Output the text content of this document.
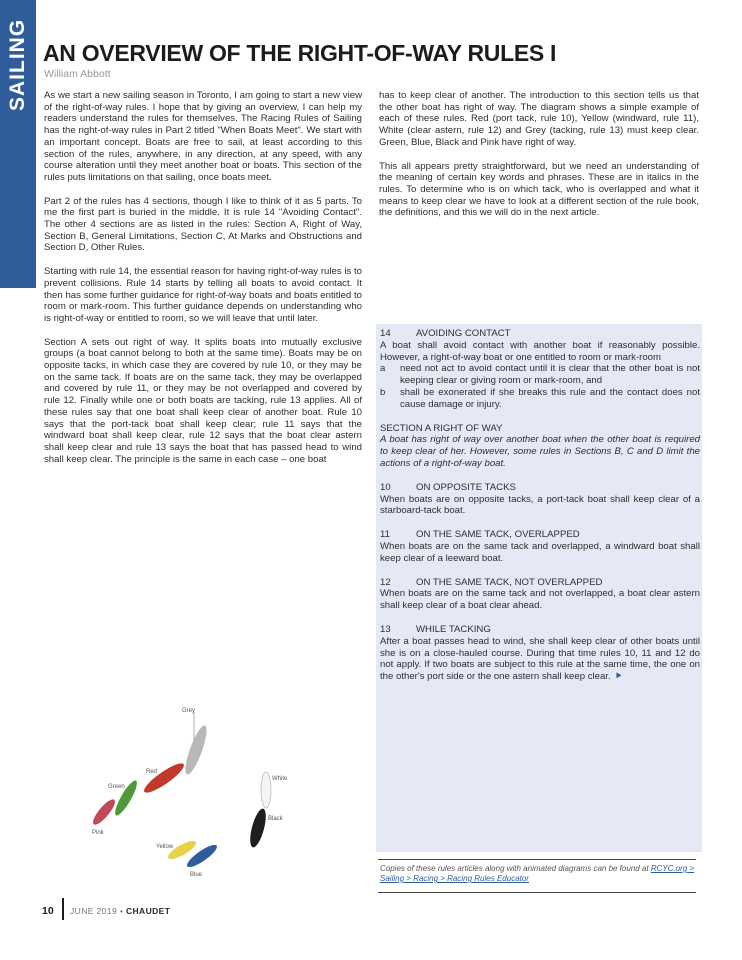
SAILING AN OVERVIEW OF THE RIGHT-OF-WAY RULES I
William Abbott

As we start a new sailing season in Toronto, I am going to start a new view of the right-of-way rules. I hope that by giving an overview, I can help my readers understand the rules for themselves. The Racing Rules of Sailing has the right-of-way rules in Part 2 titled "When Boats Meet". We start with an important concept. Boats are free to sail, at least according to this section of the rules, anywhere, in any direction, at any speed, with any course alteration until they meet another boat or boats. This section of the rules puts limitations on that sailing, once boats meet.

Part 2 of the rules has 4 sections, though I like to think of it as 5 parts. To me the first part is buried in the middle. It is rule 14 "Avoiding Contact". The other 4 sections are as listed in the rules: Section A, Right of Way, Section B, General Limitations, Section C, At Marks and Obstructions and Section D, Other Rules.

Starting with rule 14, the essential reason for having right-of-way rules is to prevent collisions. Rule 14 starts by telling all boats to avoid contact. It then has some further guidance for right-of-way boats and boats entitled to room or mark-room. This further guidance depends on understanding who is right-of-way or entitled to room, so we will leave that until later.

Section A sets out right of way. It splits boats into mutually exclusive groups (a boat cannot belong to both at the same time). Boats may be on opposite tacks, in which case they are covered by rule 10, or they may be on the same tack. If boats are on the same tack, they may be overlapped and covered by rule 11, or they may be not overlapped and covered by rule 12. Finally while one or both boats are tacking, rule 13 applies. All of these rules say that one boat shall keep clear of another boat. Rule 10 says that the port-tack boat shall keep clear; rule 11 says that the windward boat shall keep clear, rule 12 says that the boat clear astern shall keep clear and rule 13 says the boat that has passed head to wind shall keep clear. The principle is the same in each case – one boat

Grey
Red
Green
Pink
White
Black
Yellow
Blue

has to keep clear of another. The introduction to this section tells us that the other boat has right of way. The diagram shows a simple example of each of these rules. Red (port tack, rule 10), Yellow (windward, rule 11), White (clear astern, rule 12) and Grey (tacking, rule 13) must keep clear. Green, Blue, Black and Pink have right of way.

This all appears pretty straightforward, but we need an understanding of the meaning of certain key words and phrases. These are in italics in the rules. To determine who is on which tack, who is overlapped and what it means to keep clear we have to look at a different section of the rule book, the definitions, and this we will do in the next article.

14	AVOIDING CONTACT
A boat shall avoid contact with another boat if reasonably possible. However, a right-of-way boat or one entitled to room or mark-room
a need not act to avoid contact until it is clear that the other boat is not keeping clear or giving room or mark-room, and
b shall be exonerated if she breaks this rule and the contact does not cause damage or injury.
SECTION A RIGHT OF WAY
A boat has right of way over another boat when the other boat is required to keep clear of her. However, some rules in Sections B, C and D limit the actions of a right-of-way boat.
10	ON OPPOSITE TACKS
When boats are on opposite tacks, a port-tack boat shall keep clear of a starboard-tack boat.
11	ON THE SAME TACK, OVERLAPPED
When boats are on the same tack and overlapped, a windward boat shall keep clear of a leeward boat.
12	ON THE SAME TACK, NOT OVERLAPPED
When boats are on the same tack and not overlapped, a boat clear astern shall keep clear of a boat clear ahead.
13	WHILE TACKING
After a boat passes head to wind, she shall keep clear of other boats until she is on a close-hauled course. During that time rules 10, 11 and 12 do not apply. If two boats are subject to this rule at the same time, the one on the other's port side or the one astern shall keep clear. ⯈
Copies of these rules articles along with animated diagrams can be found at RCYC.org > Sailing > Racing > Racing Rules Educator
10 JUNE 2019 • CHAUDET
